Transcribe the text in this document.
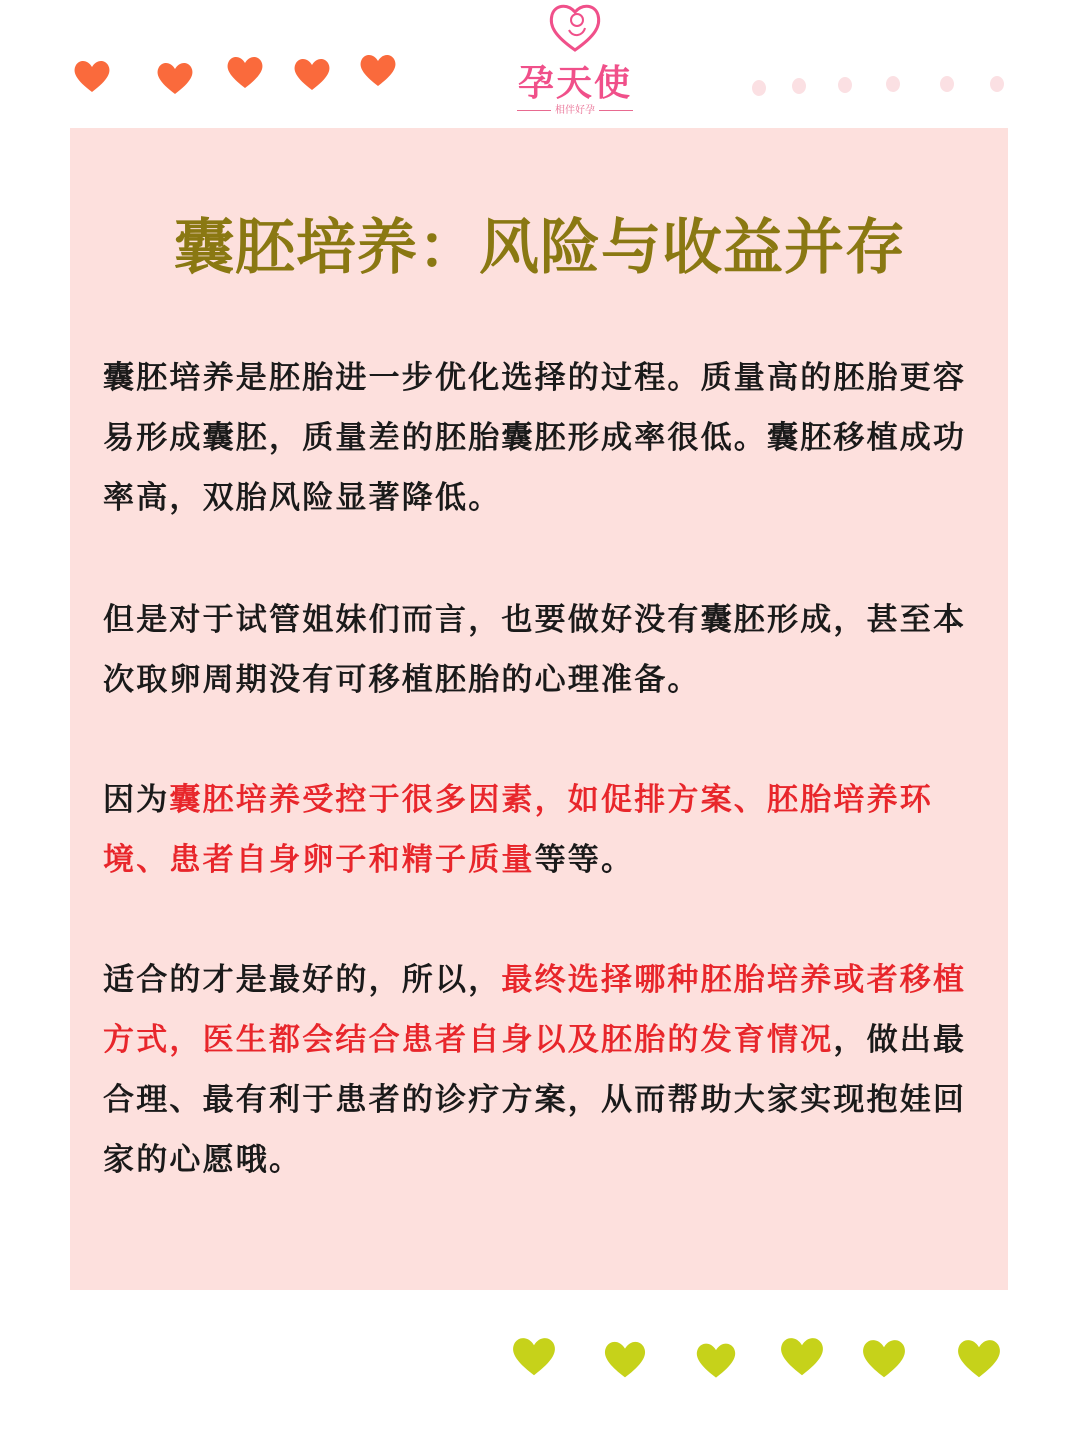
孕天使
相伴好孕
囊胚培养：风险与收益并存
囊胚培养是胚胎进一步优化选择的过程。质量高的胚胎更容易形成囊胚，质量差的胚胎囊胚形成率很低。囊胚移植成功率高，双胎风险显著降低。
但是对于试管姐妹们而言，也要做好没有囊胚形成，甚至本次取卵周期没有可移植胚胎的心理准备。
因为囊胚培养受控于很多因素，如促排方案、胚胎培养环境、患者自身卵子和精子质量等等。
适合的才是最好的，所以，最终选择哪种胚胎培养或者移植方式，医生都会结合患者自身以及胚胎的发育情况，做出最合理、最有利于患者的诊疗方案，从而帮助大家实现抱娃回家的心愿哦。
